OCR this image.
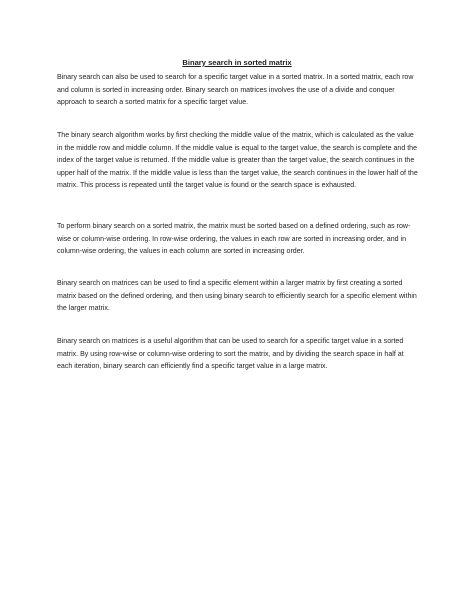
Binary search in sorted matrix

Binary search can also be used to search for a specific target value in a sorted matrix. In a sorted matrix, each row and column is sorted in increasing order. Binary search on matrices involves the use of a divide and conquer approach to search a sorted matrix for a specific target value.

The binary search algorithm works by first checking the middle value of the matrix, which is calculated as the value in the middle row and middle column. If the middle value is equal to the target value, the search is complete and the index of the target value is returned. If the middle value is greater than the target value, the search continues in the upper half of the matrix. If the middle value is less than the target value, the search continues in the lower half of the matrix. This process is repeated until the target value is found or the search space is exhausted.

To perform binary search on a sorted matrix, the matrix must be sorted based on a defined ordering, such as row-wise or column-wise ordering. In row-wise ordering, the values in each row are sorted in increasing order, and in column-wise ordering, the values in each column are sorted in increasing order.

Binary search on matrices can be used to find a specific element within a larger matrix by first creating a sorted matrix based on the defined ordering, and then using binary search to efficiently search for a specific element within the larger matrix.

Binary search on matrices is a useful algorithm that can be used to search for a specific target value in a sorted matrix. By using row-wise or column-wise ordering to sort the matrix, and by dividing the search space in half at each iteration, binary search can efficiently find a specific target value in a large matrix.
